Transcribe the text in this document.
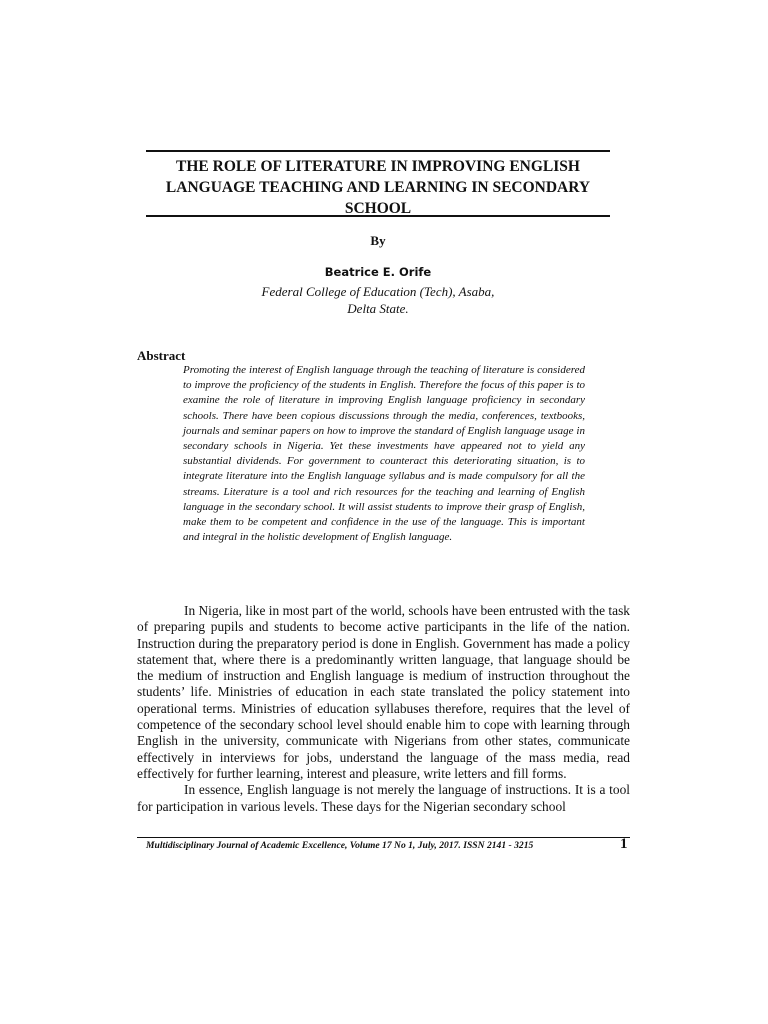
THE ROLE OF LITERATURE IN IMPROVING ENGLISH
LANGUAGE TEACHING AND LEARNING IN SECONDARY
SCHOOL

By

Beatrice E. Orife

Federal College of Education (Tech), Asaba,
Delta State.

Abstract

Promoting the interest of English language through the teaching of literature is considered to improve the proficiency of the students in English. Therefore the focus of this paper is to examine the role of literature in improving English language proficiency in secondary schools. There have been copious discussions through the media, conferences, textbooks, journals and seminar papers on how to improve the standard of English language usage in secondary schools in Nigeria. Yet these investments have appeared not to yield any substantial dividends. For government to counteract this deteriorating situation, is to integrate literature into the English language syllabus and is made compulsory for all the streams. Literature is a tool and rich resources for the teaching and learning of English language in the secondary school. It will assist students to improve their grasp of English, make them to be competent and confidence in the use of the language. This is important and integral in the holistic development of English language.

In Nigeria, like in most part of the world, schools have been entrusted with the task of preparing pupils and students to become active participants in the life of the nation. Instruction during the preparatory period is done in English. Government has made a policy statement that, where there is a predominantly written language, that language should be the medium of instruction and English language is medium of instruction throughout the students’ life. Ministries of education in each state translated the policy statement into operational terms. Ministries of education syllabuses therefore, requires that the level of competence of the secondary school level should enable him to cope with learning through English in the university, communicate with Nigerians from other states, communicate effectively in interviews for jobs, understand the language of the mass media, read effectively for further learning, interest and pleasure, write letters and fill forms.

In essence, English language is not merely the language of instructions. It is a tool for participation in various levels. These days for the Nigerian secondary school

Multidisciplinary Journal of Academic Excellence, Volume 17 No 1, July, 2017. ISSN 2141 - 3215	1
